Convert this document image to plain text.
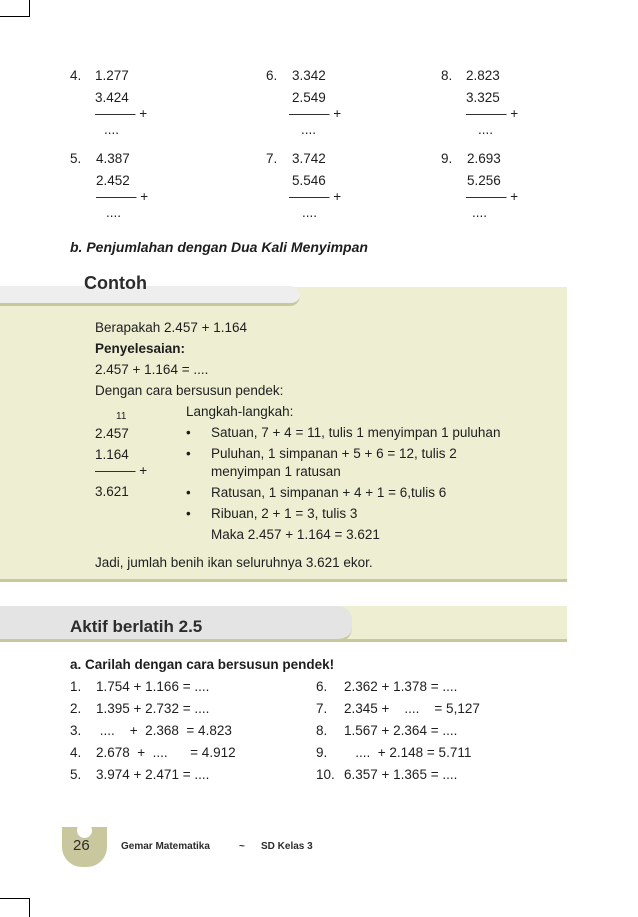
4. 1.277
3.424
——— +
....
6. 3.342
2.549
——— +
....
8. 2.823
3.325
——— +
....
5. 4.387
2.452
——— +
....
7. 3.742
5.546
——— +
....
9. 2.693
5.256
——— +
....
b. Penjumlahan dengan Dua Kali Menyimpan
Contoh
Berapakah 2.457 + 1.164
Penyelesaian:
2.457 + 1.164 = ....
Dengan cara bersusun pendek:
11
2.457
1.164
——— +
3.621
Langkah-langkah:
• Satuan, 7 + 4 = 11, tulis 1 menyimpan 1 puluhan
• Puluhan, 1 simpanan + 5 + 6 = 12, tulis 2
menyimpan 1 ratusan
• Ratusan, 1 simpanan + 4 + 1 = 6,tulis 6
• Ribuan, 2 + 1 = 3, tulis 3
Maka 2.457 + 1.164 = 3.621
Jadi, jumlah benih ikan seluruhnya 3.621 ekor.
Aktif berlatih 2.5
a. Carilah dengan cara bersusun pendek!
1. 1.754 + 1.166 = ....
2. 1.395 + 2.732 = ....
3. ....    +  2.368  = 4.823
4. 2.678  +  ....      = 4.912
5. 3.974 + 2.471 = ....
6. 2.362 + 1.378 = ....
7. 2.345 +    ....    = 5,127
8. 1.567 + 2.364 = ....
9. ....  + 2.148 = 5.711
10. 6.357 + 1.365 = ....
26	Gemar Matematika	~ SD Kelas 3
